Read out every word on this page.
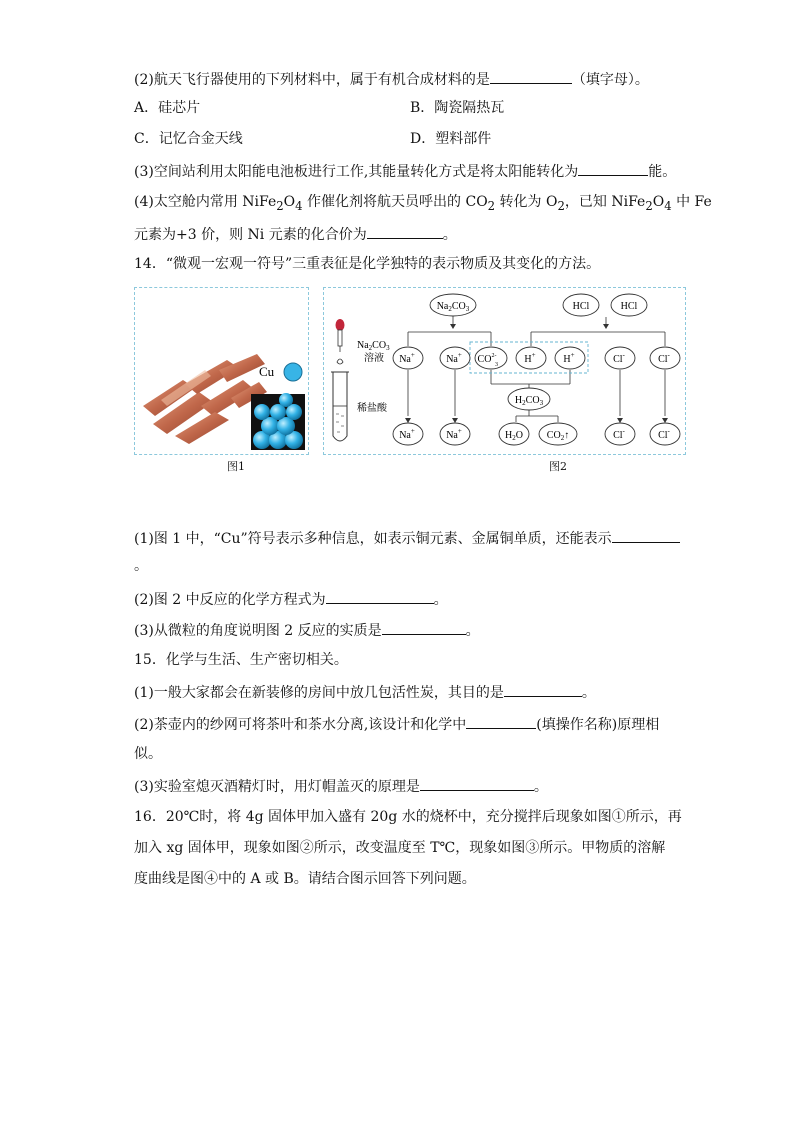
(2)航天飞行器使用的下列材料中，属于有机合成材料的是	（填字母）。
A．硅芯片	B．陶瓷隔热瓦
C．记忆合金天线	D．塑料部件
(3)空间站利用太阳能电池板进行工作,其能量转化方式是将太阳能转化为	能。
(4)太空舱内常用 $NiFe_2O_4$ 作催化剂将航天员呼出的 $CO_2$ 转化为 $O_2$，已知 $NiFe_2O_4$ 中 Fe
元素为+3 价，则 Ni 元素的化合价为	。
14．“微观一宏观一符号”三重表征是化学独特的表示物质及其变化的方法。
Cu
图1
$Na_2CO_3$
溶液
稀盐酸
$Na_2CO_3$	HCl	HCl
Na+	Na+ $CO^{2-}$
3	H+	H+	Cl-	Cl-
$H_2CO_3$
Na+	Na+	$H_2O$ $CO_2↑$	Cl-	Cl-
图2
(1)图 1 中，“Cu”符号表示多种信息，如表示铜元素、金属铜单质，还能表示
。
(2)图 2 中反应的化学方程式为	。
(3)从微粒的角度说明图 2 反应的实质是	。
15．化学与生活、生产密切相关。
(1)一般大家都会在新装修的房间中放几包活性炭，其目的是	。
(2)茶壶内的纱网可将茶叶和茶水分离,该设计和化学中	(填操作名称)原理相
似。
(3)实验室熄灭酒精灯时，用灯帽盖灭的原理是	。
16．20℃时，将 4g 固体甲加入盛有 20g 水的烧杯中，充分搅拌后现象如图①所示，再
加入 xg 固体甲，现象如图②所示，改变温度至 T℃，现象如图③所示。甲物质的溶解
度曲线是图④中的 A 或 B。请结合图示回答下列问题。
